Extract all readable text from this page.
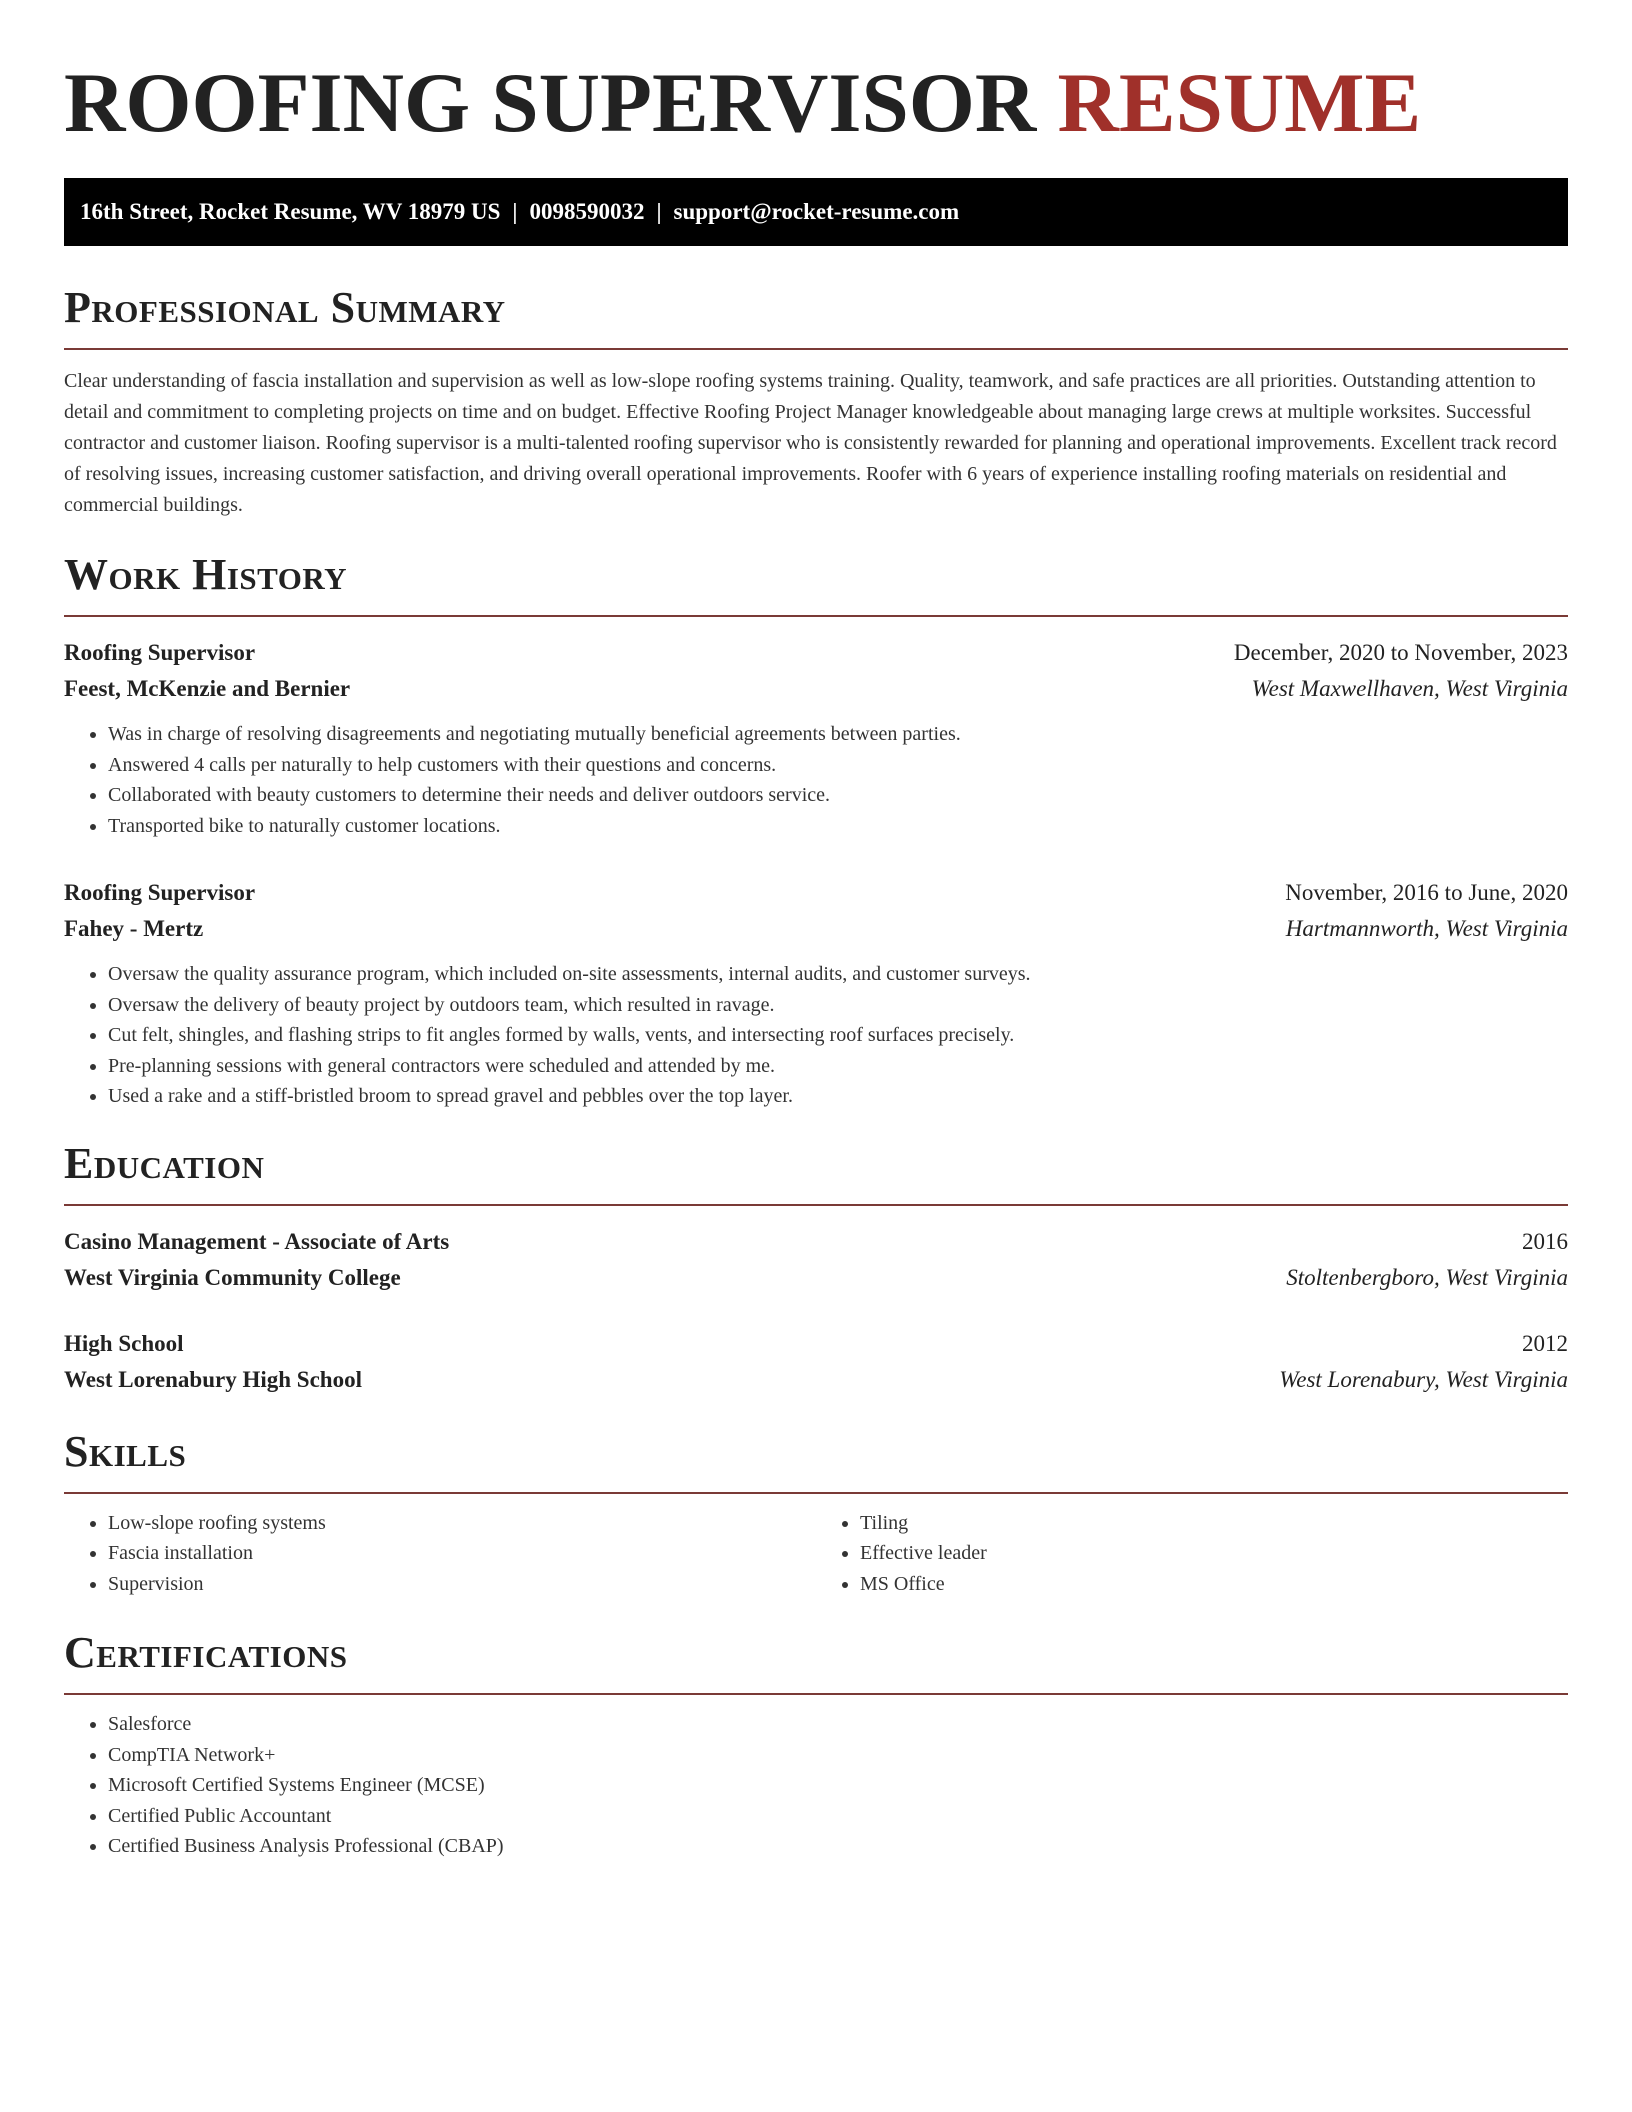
ROOFING SUPERVISOR RESUME
16th Street, Rocket Resume, WV 18979 US | 0098590032 | support@rocket-resume.com
Professional Summary

Clear understanding of fascia installation and supervision as well as low-slope roofing systems training. Quality, teamwork, and safe practices are all priorities. Outstanding attention to detail and commitment to completing projects on time and on budget. Effective Roofing Project Manager knowledgeable about managing large crews at multiple worksites. Successful contractor and customer liaison. Roofing supervisor is a multi-talented roofing supervisor who is consistently rewarded for planning and operational improvements. Excellent track record of resolving issues, increasing customer satisfaction, and driving overall operational improvements. Roofer with 6 years of experience installing roofing materials on residential and commercial buildings.

Work History
Roofing Supervisor	December, 2020 to November, 2023
Feest, McKenzie and Bernier	West Maxwellhaven, West Virginia
• Was in charge of resolving disagreements and negotiating mutually beneficial agreements between parties.
• Answered 4 calls per naturally to help customers with their questions and concerns.
• Collaborated with beauty customers to determine their needs and deliver outdoors service.
• Transported bike to naturally customer locations.
Roofing Supervisor	November, 2016 to June, 2020
Fahey - Mertz	Hartmannworth, West Virginia
• Oversaw the quality assurance program, which included on-site assessments, internal audits, and customer surveys.
• Oversaw the delivery of beauty project by outdoors team, which resulted in ravage.
• Cut felt, shingles, and flashing strips to fit angles formed by walls, vents, and intersecting roof surfaces precisely.
• Pre-planning sessions with general contractors were scheduled and attended by me.
• Used a rake and a stiff-bristled broom to spread gravel and pebbles over the top layer.
Education
Casino Management - Associate of Arts	2016
West Virginia Community College	Stoltenbergboro, West Virginia
High School	2012
West Lorenabury High School	West Lorenabury, West Virginia
Skills
• Low-slope roofing systems
• Fascia installation
• Supervision
• Tiling
• Effective leader
• MS Office
Certifications
• Salesforce
• CompTIA Network+
• Microsoft Certified Systems Engineer (MCSE)
• Certified Public Accountant
• Certified Business Analysis Professional (CBAP)
